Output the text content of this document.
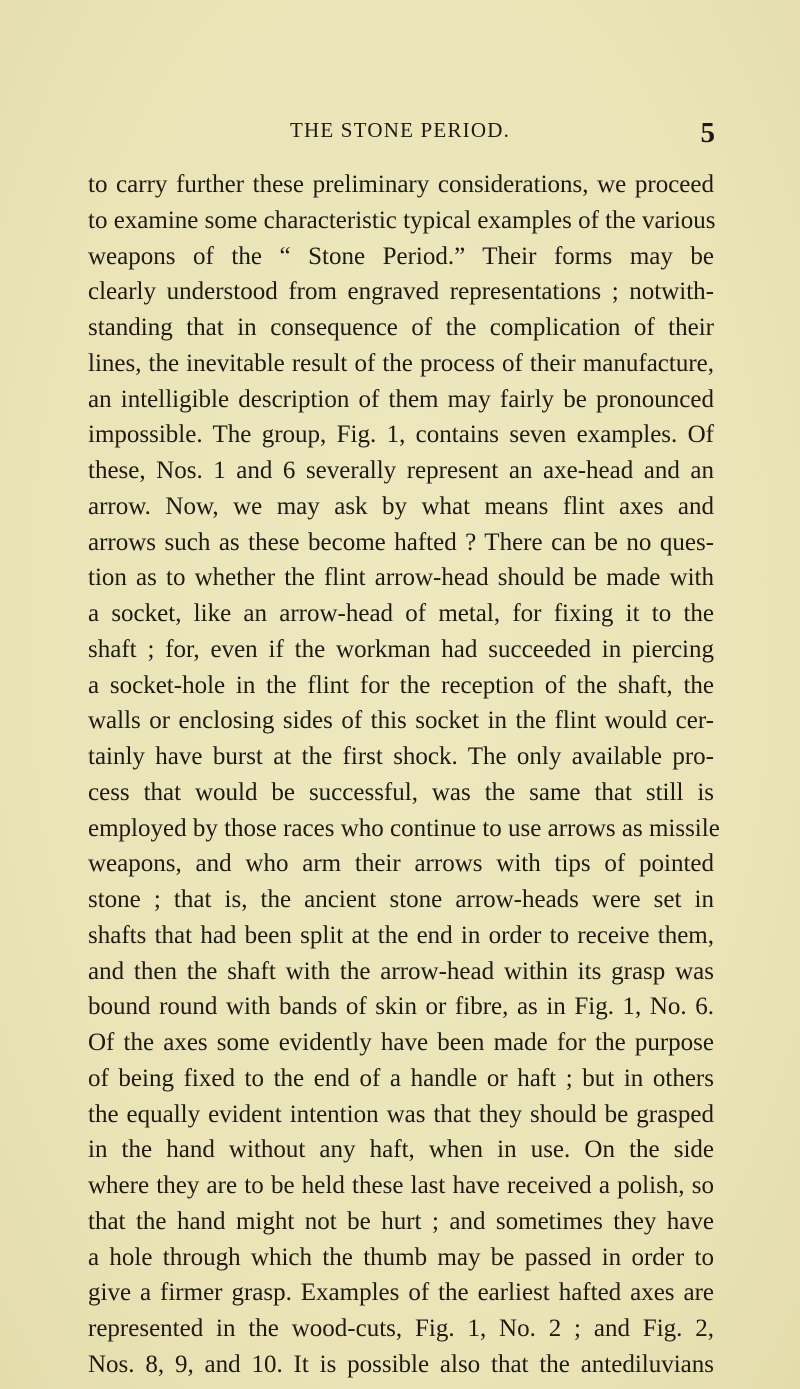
THE STONE PERIOD.	5
to carry further these preliminary considerations, we proceed
to examine some characteristic typical examples of the various
weapons of the “ Stone Period.” Their forms may be
clearly understood from engraved representations ; notwith-
standing that in consequence of the complication of their
lines, the inevitable result of the process of their manufacture,
an intelligible description of them may fairly be pronounced
impossible. The group, Fig. 1, contains seven examples. Of
these, Nos. 1 and 6 severally represent an axe-head and an
arrow. Now, we may ask by what means flint axes and
arrows such as these become hafted ? There can be no ques-
tion as to whether the flint arrow-head should be made with
a socket, like an arrow-head of metal, for fixing it to the
shaft ; for, even if the workman had succeeded in piercing
a socket-hole in the flint for the reception of the shaft, the
walls or enclosing sides of this socket in the flint would cer-
tainly have burst at the first shock. The only available pro-
cess that would be successful, was the same that still is
employed by those races who continue to use arrows as missile
weapons, and who arm their arrows with tips of pointed
stone ; that is, the ancient stone arrow-heads were set in
shafts that had been split at the end in order to receive them,
and then the shaft with the arrow-head within its grasp was
bound round with bands of skin or fibre, as in Fig. 1, No. 6.
Of the axes some evidently have been made for the purpose
of being fixed to the end of a handle or haft ; but in others
the equally evident intention was that they should be grasped
in the hand without any haft, when in use. On the side
where they are to be held these last have received a polish, so
that the hand might not be hurt ; and sometimes they have
a hole through which the thumb may be passed in order to
give a firmer grasp. Examples of the earliest hafted axes are
represented in the wood-cuts, Fig. 1, No. 2 ; and Fig. 2,
Nos. 8, 9, and 10. It is possible also that the antediluvians
